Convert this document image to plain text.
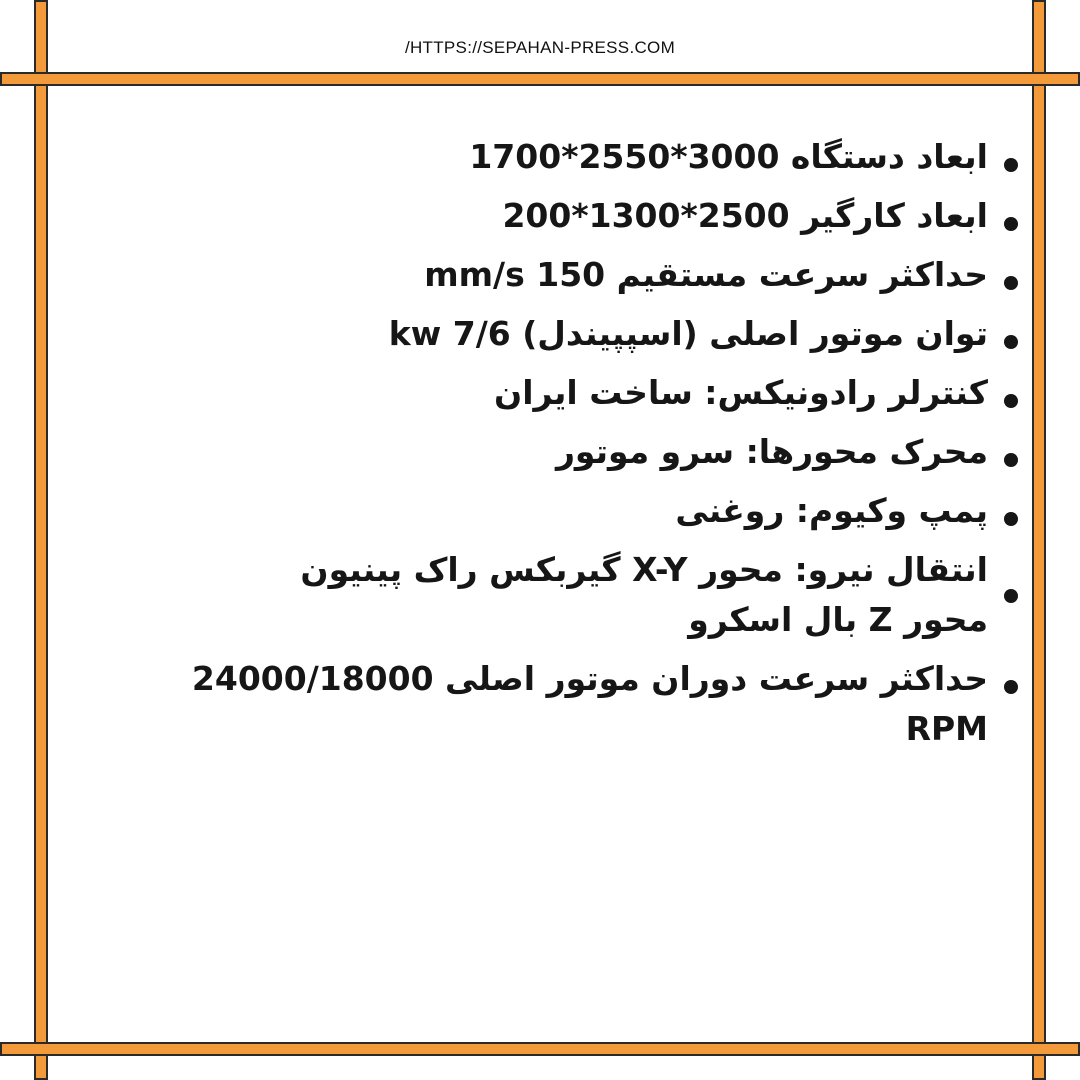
/HTTPS://SEPAHAN-PRESS.COM
ابعاد دستگاه 3000*2550*1700
ابعاد کارگیر 2500*1300*200
حداکثر سرعت مستقیم 150 mm/s
توان موتور اصلی (اسپپیندل) 7/6 kw
کنترلر رادونیکس: ساخت ایران
محرک محورها: سرو موتور
پمپ وکیوم: روغنی
انتقال نیرو: محور X-Y گیربکس راک پینیون
محور Z بال اسکرو
حداکثر سرعت دوران موتور اصلی 24000/18000 RPM
